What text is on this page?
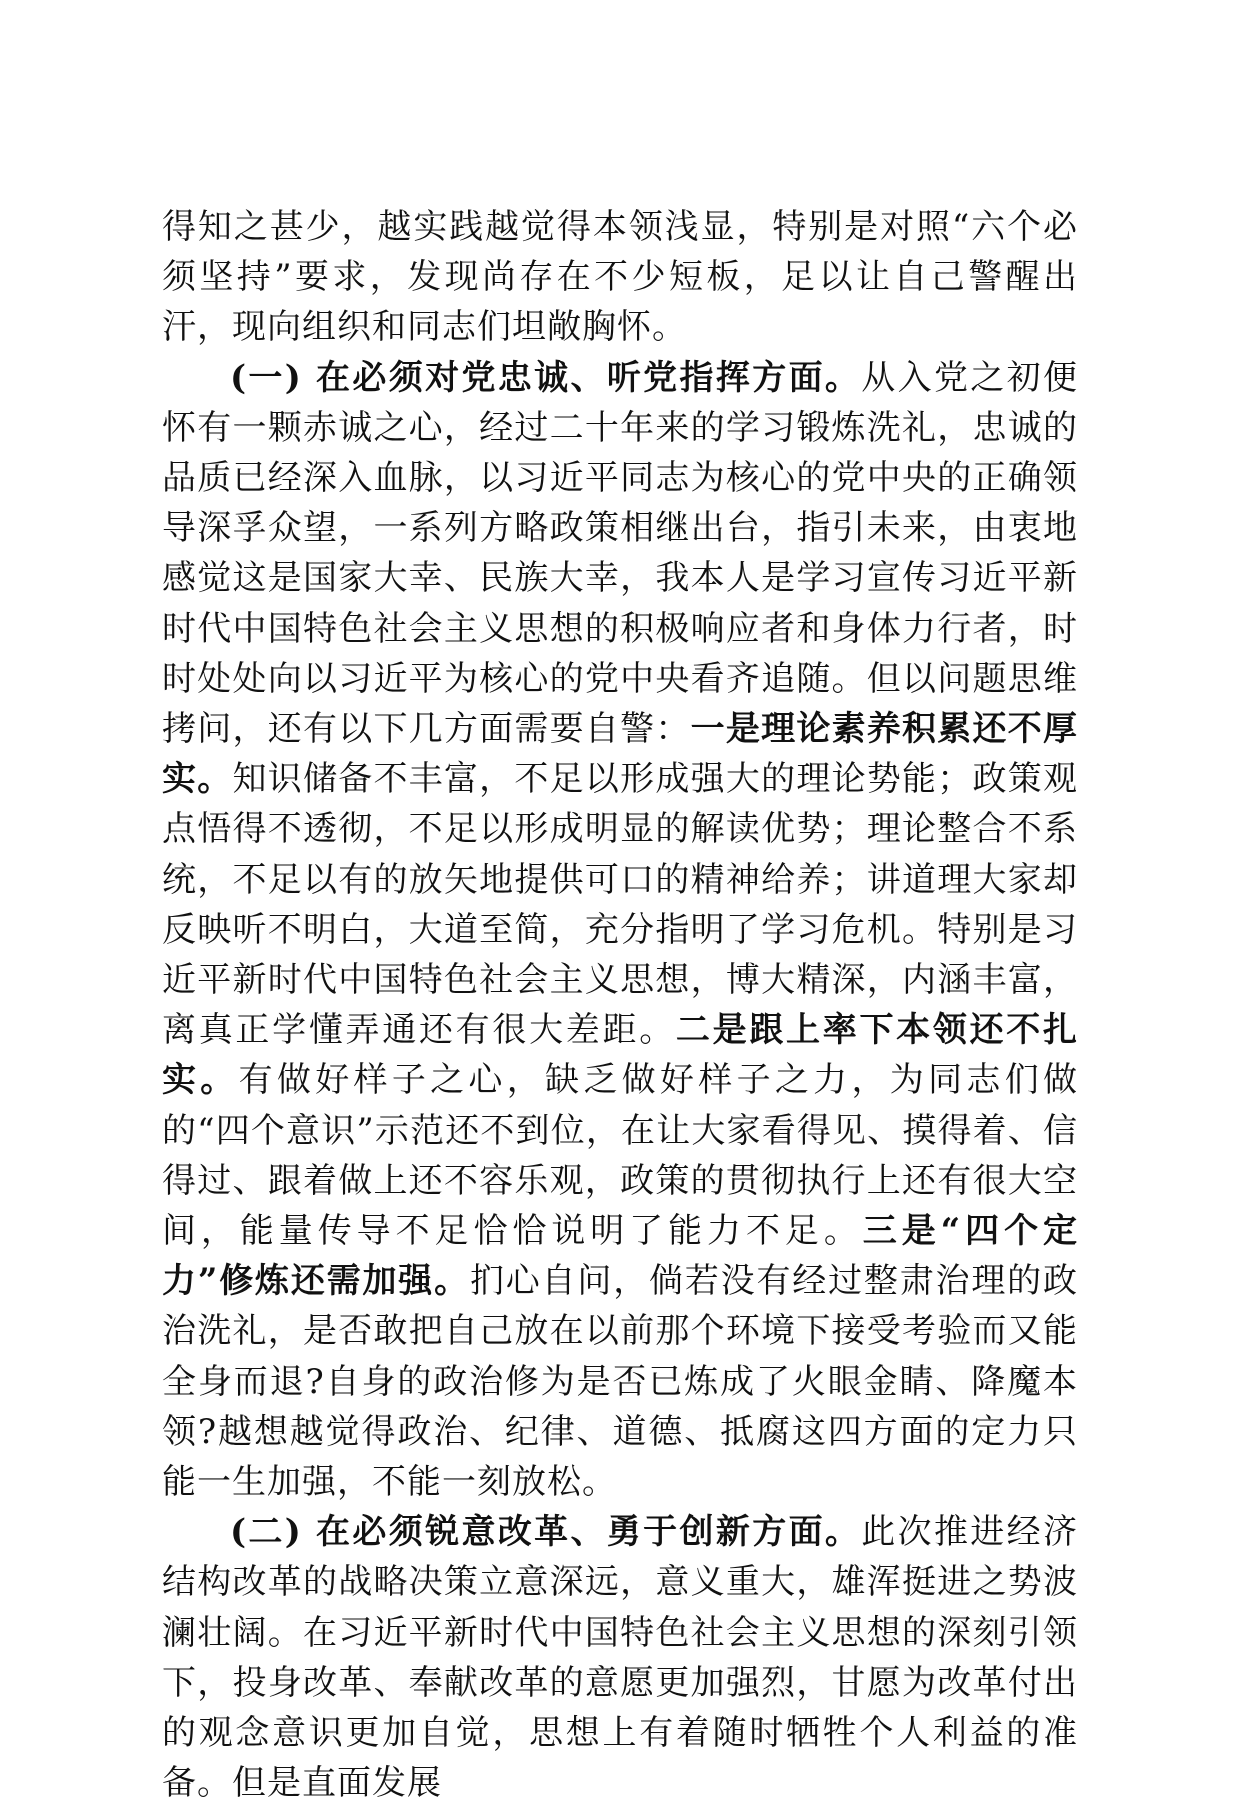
得知之甚少，越实践越觉得本领浅显，特别是对照“六个必须坚持”要求，发现尚存在不少短板，足以让自己警醒出汗，现向组织和同志们坦敞胸怀。

(一) 在必须对党忠诚、听党指挥方面。从入党之初便怀有一颗赤诚之心，经过二十年来的学习锻炼洗礼，忠诚的品质已经深入血脉，以习近平同志为核心的党中央的正确领导深孚众望，一系列方略政策相继出台，指引未来，由衷地感觉这是国家大幸、民族大幸，我本人是学习宣传习近平新时代中国特色社会主义思想的积极响应者和身体力行者，时时处处向以习近平为核心的党中央看齐追随。但以问题思维拷问，还有以下几方面需要自警：一是理论素养积累还不厚实。知识储备不丰富，不足以形成强大的理论势能；政策观点悟得不透彻，不足以形成明显的解读优势；理论整合不系统，不足以有的放矢地提供可口的精神给养；讲道理大家却反映听不明白，大道至简，充分指明了学习危机。特别是习近平新时代中国特色社会主义思想，博大精深，内涵丰富，离真正学懂弄通还有很大差距。二是跟上率下本领还不扎实。有做好样子之心，缺乏做好样子之力，为同志们做的“四个意识”示范还不到位，在让大家看得见、摸得着、信得过、跟着做上还不容乐观，政策的贯彻执行上还有很大空间，能量传导不足恰恰说明了能力不足。三是“四个定力”修炼还需加强。扪心自问，倘若没有经过整肃治理的政治洗礼，是否敢把自己放在以前那个环境下接受考验而又能全身而退?自身的政治修为是否已炼成了火眼金睛、降魔本领?越想越觉得政治、纪律、道德、抵腐这四方面的定力只能一生加强，不能一刻放松。

(二) 在必须锐意改革、勇于创新方面。此次推进经济结构改革的战略决策立意深远，意义重大，雄浑挺进之势波澜壮阔。在习近平新时代中国特色社会主义思想的深刻引领下，投身改革、奉献改革的意愿更加强烈，甘愿为改革付出的观念意识更加自觉，思想上有着随时牺牲个人利益的准备。但是直面发展
